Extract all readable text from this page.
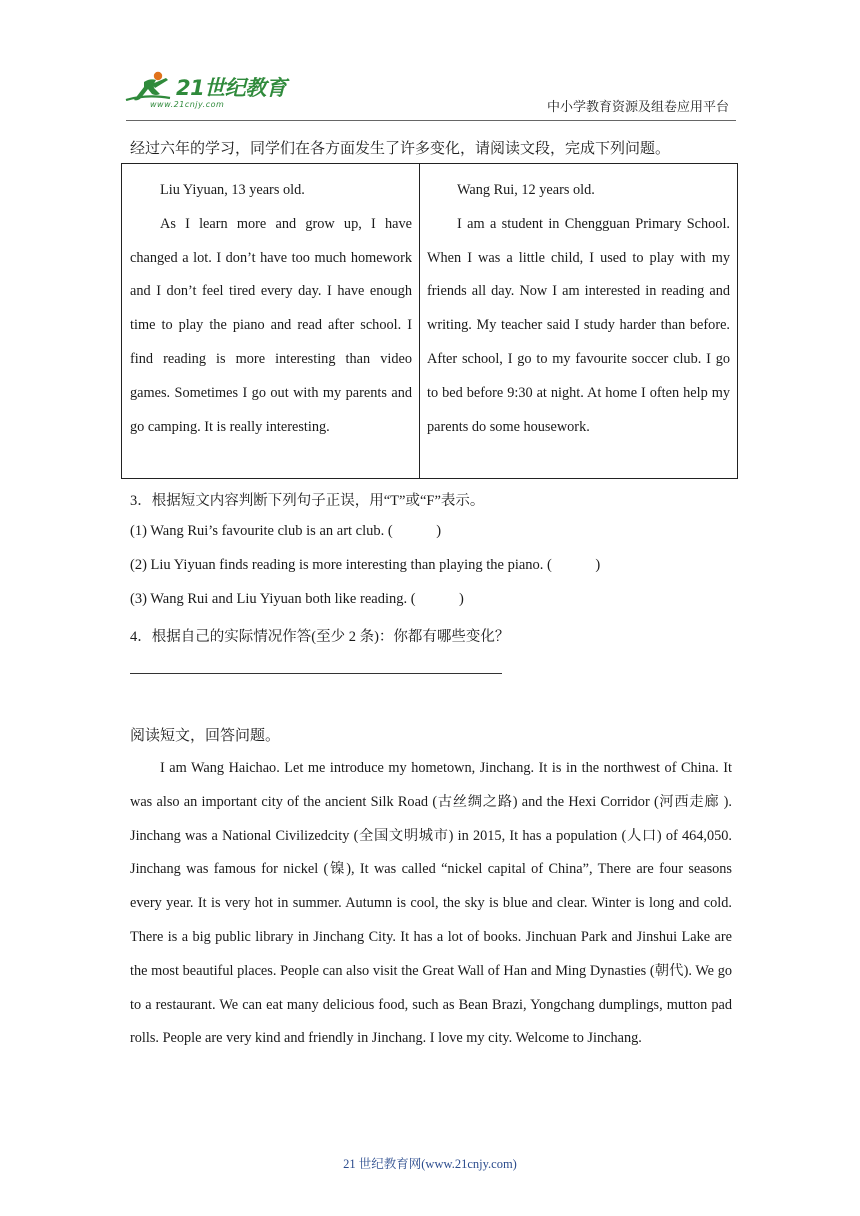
21世纪教育
www.21cnjy.com	中小学教育资源及组卷应用平台
经过六年的学习，同学们在各方面发生了许多变化，请阅读文段，完成下列问题。

Liu Yiyuan, 13 years old.

As I learn more and grow up, I have changed a lot. I don’t have too much homework and I don’t feel tired every day. I have enough time to play the piano and read after school. I find reading is more interesting than video games. Sometimes I go out with my parents and go camping. It is really interesting.

Wang Rui, 12 years old.

I am a student in Chengguan Primary School. When I was a little child, I used to play with my friends all day. Now I am interested in reading and writing. My teacher said I study harder than before. After school, I go to my favourite soccer club. I go to bed before 9:30 at night. At home I often help my parents do some housework.

3．根据短文内容判断下列句子正误，用“T”或“F”表示。
(1) Wang Rui’s favourite club is an art club. (            )
(2) Liu Yiyuan finds reading is more interesting than playing the piano. (            )
(3) Wang Rui and Liu Yiyuan both like reading. (            )
4．根据自己的实际情况作答(至少 2 条)：你都有哪些变化？
阅读短文，回答问题。

I am Wang Haichao. Let me introduce my hometown, Jinchang. It is in the northwest of China. It was also an important city of the ancient Silk Road (古丝绸之路) and the Hexi Corridor (河西走廊 ). Jinchang was a National Civilizedcity (全国文明城市) in 2015, It has a population (人口) of 464,050. Jinchang was famous for nickel (镍), It was called “nickel capital of China”, There are four seasons every year. It is very hot in summer. Autumn is cool, the sky is blue and clear. Winter is long and cold. There is a big public library in Jinchang City. It has a lot of books. Jinchuan Park and Jinshui Lake are the most beautiful places. People can also visit the Great Wall of Han and Ming Dynasties (朝代). We go to a restaurant. We can eat many delicious food, such as Bean Brazi, Yongchang dumplings, mutton pad rolls. People are very kind and friendly in Jinchang. I love my city. Welcome to Jinchang.

21 世纪教育网(www.21cnjy.com)
